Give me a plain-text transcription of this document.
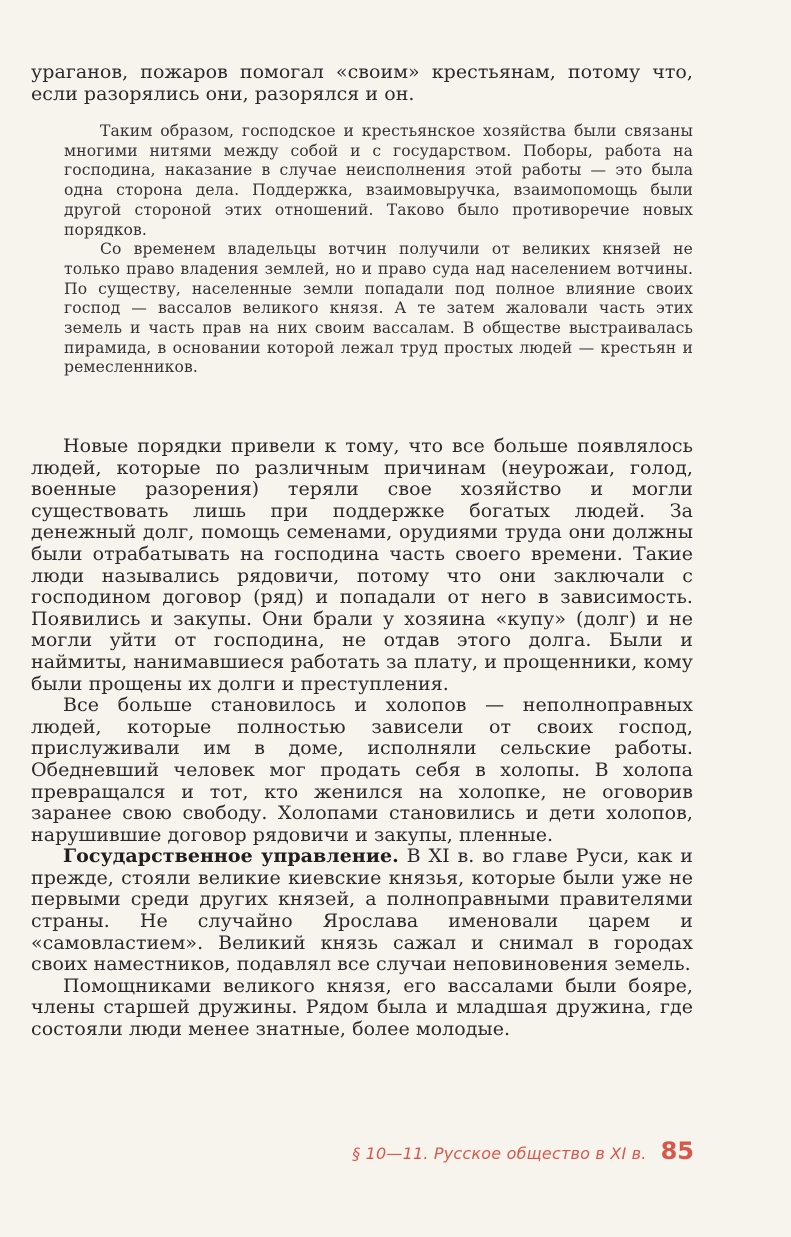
ураганов, пожаров помогал «своим» крестьянам, потому что, если разорялись они, разорялся и он.

Таким образом, господское и крестьянское хозяйства были связаны многими нитями между собой и с государством. Поборы, работа на господина, наказание в случае неисполнения этой работы — это была одна сторона дела. Поддержка, взаимовыручка, взаимопомощь были другой стороной этих отношений. Таково было противоречие новых порядков.

Со временем владельцы вотчин получили от великих князей не только право владения землей, но и право суда над населением вотчины. По существу, населенные земли попадали под полное влияние своих господ — вассалов великого князя. А те затем жаловали часть этих земель и часть прав на них своим вассалам. В обществе выстраивалась пирамида, в основании которой лежал труд простых людей — крестьян и ремесленников.

Новые порядки привели к тому, что все больше появлялось людей, которые по различным причинам (неурожаи, голод, военные разорения) теряли свое хозяйство и могли существовать лишь при поддержке богатых людей. За денежный долг, помощь семенами, орудиями труда они должны были отрабатывать на господина часть своего времени. Такие люди назывались рядовичи, потому что они заключали с господином договор (ряд) и попадали от него в зависимость. Появились и закупы. Они брали у хозяина «купу» (долг) и не могли уйти от господина, не отдав этого долга. Были и наймиты, нанимавшиеся работать за плату, и прощенники, кому были прощены их долги и преступления.

Все больше становилось и холопов — неполноправных людей, которые полностью зависели от своих господ, прислуживали им в доме, исполняли сельские работы. Обедневший человек мог продать себя в холопы. В холопа превращался и тот, кто женился на холопке, не оговорив заранее свою свободу. Холопами становились и дети холопов, нарушившие договор рядовичи и закупы, пленные.

Государственное управление. В XI в. во главе Руси, как и прежде, стояли великие киевские князья, которые были уже не первыми среди других князей, а полноправными правителями страны. Не случайно Ярослава именовали царем и «самовластием». Великий князь сажал и снимал в городах своих наместников, подавлял все случаи неповиновения земель.

Помощниками великого князя, его вассалами были бояре, члены старшей дружины. Рядом была и младшая дружина, где состояли люди менее знатные, более молодые.

§ 10—11. Русское общество в XI в. 85
